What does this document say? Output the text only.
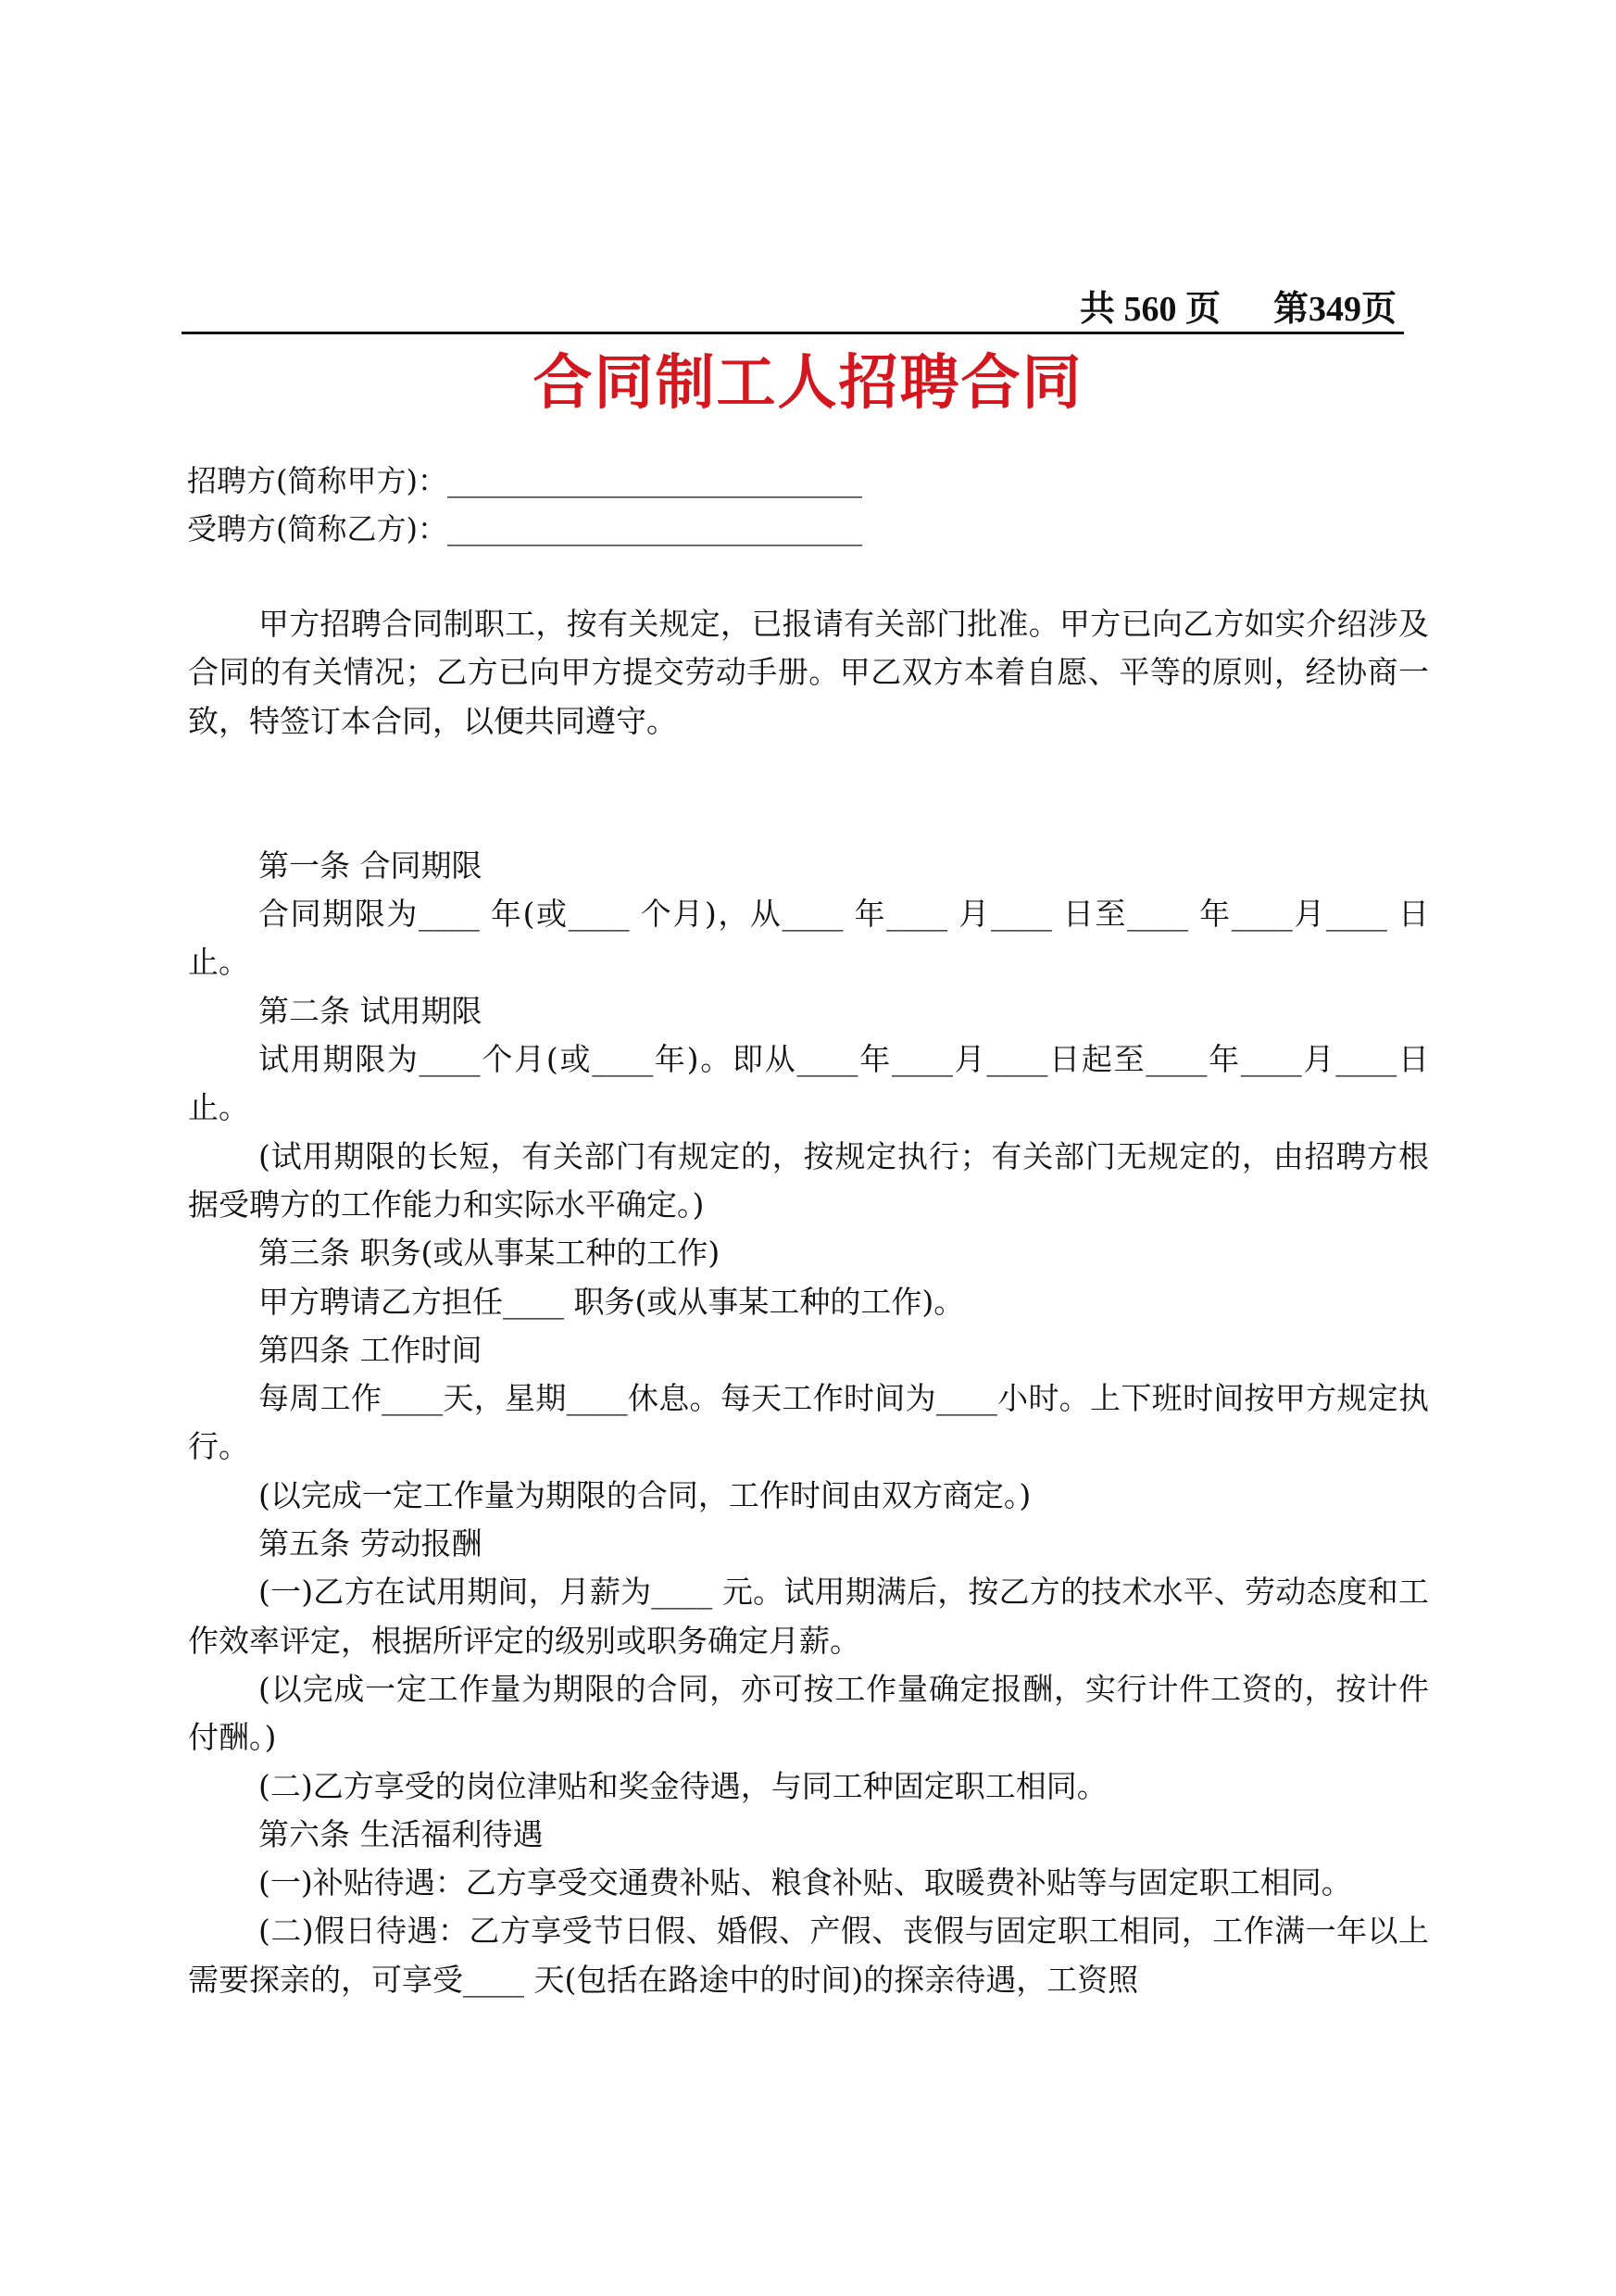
共 560 页 第349页
合同制工人招聘合同
招聘方(简称甲方)：____________________________
受聘方(简称乙方)：____________________________

甲方招聘合同制职工，按有关规定，已报请有关部门批准。甲方已向乙方如实介绍涉及合同的有关情况；乙方已向甲方提交劳动手册。甲乙双方本着自愿、平等的原则，经协商一致，特签订本合同，以便共同遵守。

第一条 合同期限

合同期限为____ 年(或____ 个月)，从____ 年____ 月____ 日至____ 年____月____ 日止。

第二条 试用期限

试用期限为____个月(或____年)。即从____年____月____日起至____年____月____日止。

(试用期限的长短，有关部门有规定的，按规定执行；有关部门无规定的，由招聘方根据受聘方的工作能力和实际水平确定。)

第三条 职务(或从事某工种的工作)

甲方聘请乙方担任____ 职务(或从事某工种的工作)。

第四条 工作时间

每周工作____天，星期____休息。每天工作时间为____小时。上下班时间按甲方规定执行。

(以完成一定工作量为期限的合同，工作时间由双方商定。)

第五条 劳动报酬

(一)乙方在试用期间，月薪为____ 元。试用期满后，按乙方的技术水平、劳动态度和工作效率评定，根据所评定的级别或职务确定月薪。

(以完成一定工作量为期限的合同，亦可按工作量确定报酬，实行计件工资的，按计件付酬。)

(二)乙方享受的岗位津贴和奖金待遇，与同工种固定职工相同。

第六条 生活福利待遇

(一)补贴待遇：乙方享受交通费补贴、粮食补贴、取暖费补贴等与固定职工相同。

(二)假日待遇：乙方享受节日假、婚假、产假、丧假与固定职工相同，工作满一年以上需要探亲的，可享受____ 天(包括在路途中的时间)的探亲待遇，工资照
